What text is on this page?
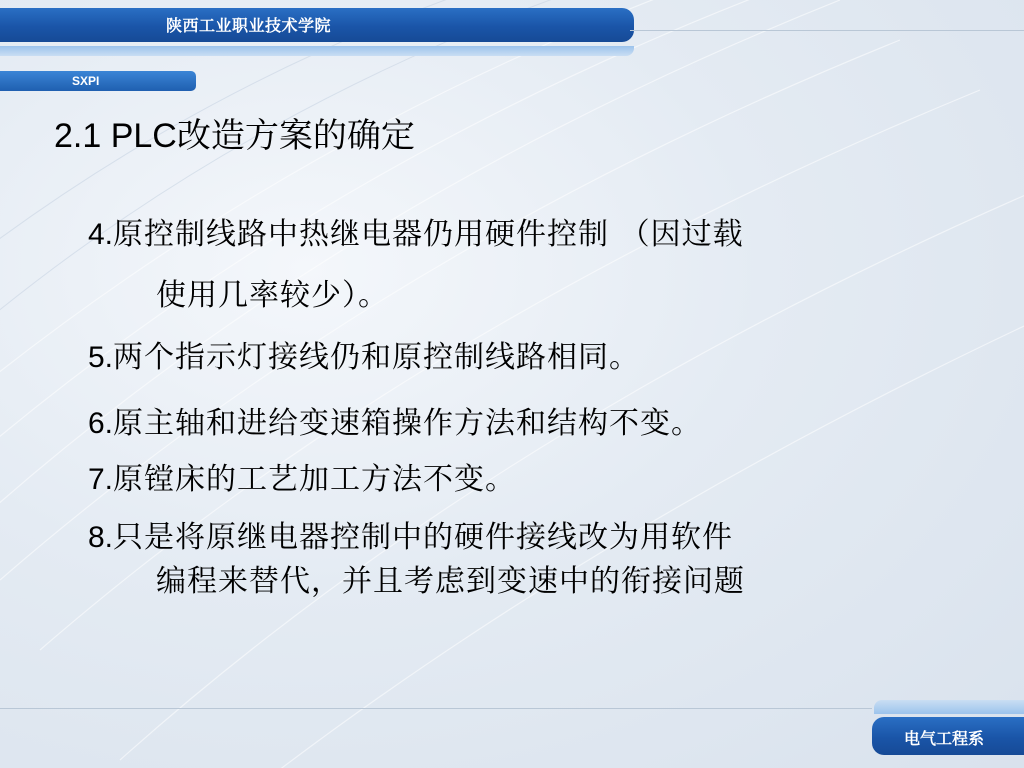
陕西工业职业技术学院
SXPI
2.1 PLC改造方案的确定
4.原控制线路中热继电器仍用硬件控制 （因过载
使用几率较少）。
5.两个指示灯接线仍和原控制线路相同。
6.原主轴和进给变速箱操作方法和结构不变。
7.原镗床的工艺加工方法不变。
8.只是将原继电器控制中的硬件接线改为用软件
编程来替代，并且考虑到变速中的衔接问题
电气工程系
